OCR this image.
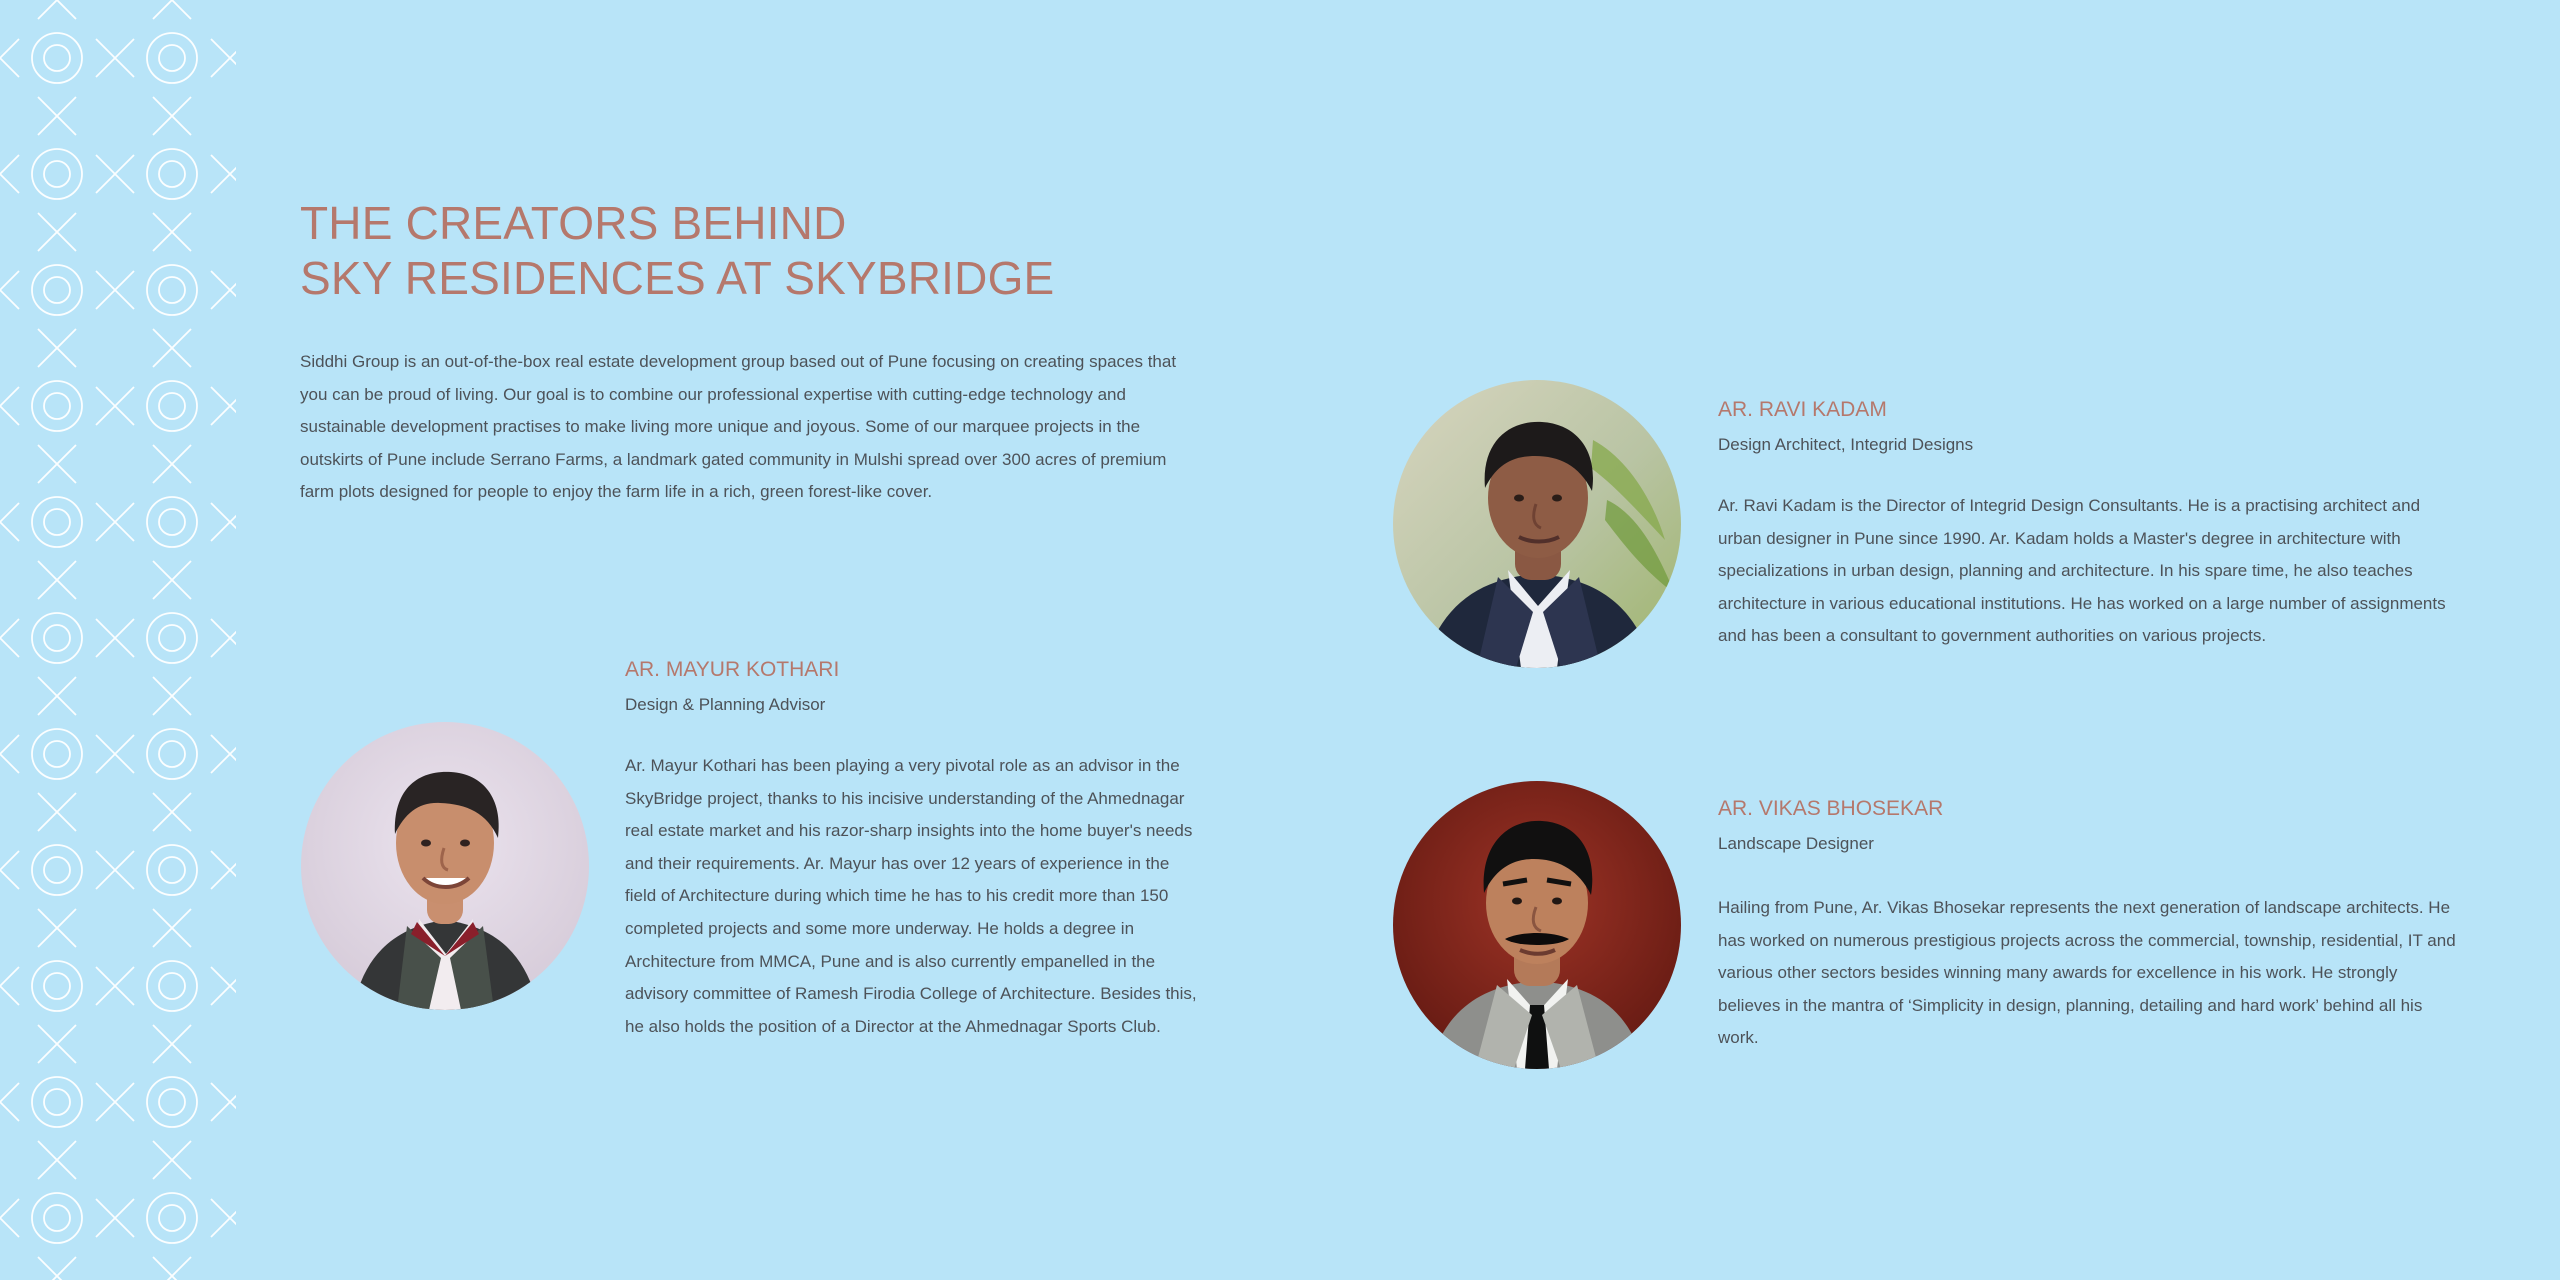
THE CREATORS BEHIND
SKY RESIDENCES AT SKYBRIDGE

Siddhi Group is an out-of-the-box real estate development group based out of Pune focusing on creating spaces that you can be proud of living. Our goal is to combine our professional expertise with cutting-edge technology and sustainable development practises to make living more unique and joyous. Some of our marquee projects in the outskirts of Pune include Serrano Farms, a landmark gated community in Mulshi spread over 300 acres of premium farm plots designed for people to enjoy the farm life in a rich, green forest-like cover.

AR. MAYUR KOTHARI

Design & Planning Advisor

Ar. Mayur Kothari has been playing a very pivotal role as an advisor in the SkyBridge project, thanks to his incisive understanding of the Ahmednagar real estate market and his razor-sharp insights into the home buyer's needs and their requirements. Ar. Mayur has over 12 years of experience in the field of Architecture during which time he has to his credit more than 150 completed projects and some more underway. He holds a degree in Architecture from MMCA, Pune and is also currently empanelled in the advisory committee of Ramesh Firodia College of Architecture. Besides this, he also holds the position of a Director at the Ahmednagar Sports Club.

AR. RAVI KADAM

Design Architect, Integrid Designs

Ar. Ravi Kadam is the Director of Integrid Design Consultants. He is a practising architect and urban designer in Pune since 1990. Ar. Kadam holds a Master's degree in architecture with specializations in urban design, planning and architecture. In his spare time, he also teaches architecture in various educational institutions. He has worked on a large number of assignments and has been a consultant to government authorities on various projects.

AR. VIKAS BHOSEKAR

Landscape Designer

Hailing from Pune, Ar. Vikas Bhosekar represents the next generation of landscape architects. He has worked on numerous prestigious projects across the commercial, township, residential, IT and various other sectors besides winning many awards for excellence in his work. He strongly believes in the mantra of ‘Simplicity in design, planning, detailing and hard work’ behind all his work.
